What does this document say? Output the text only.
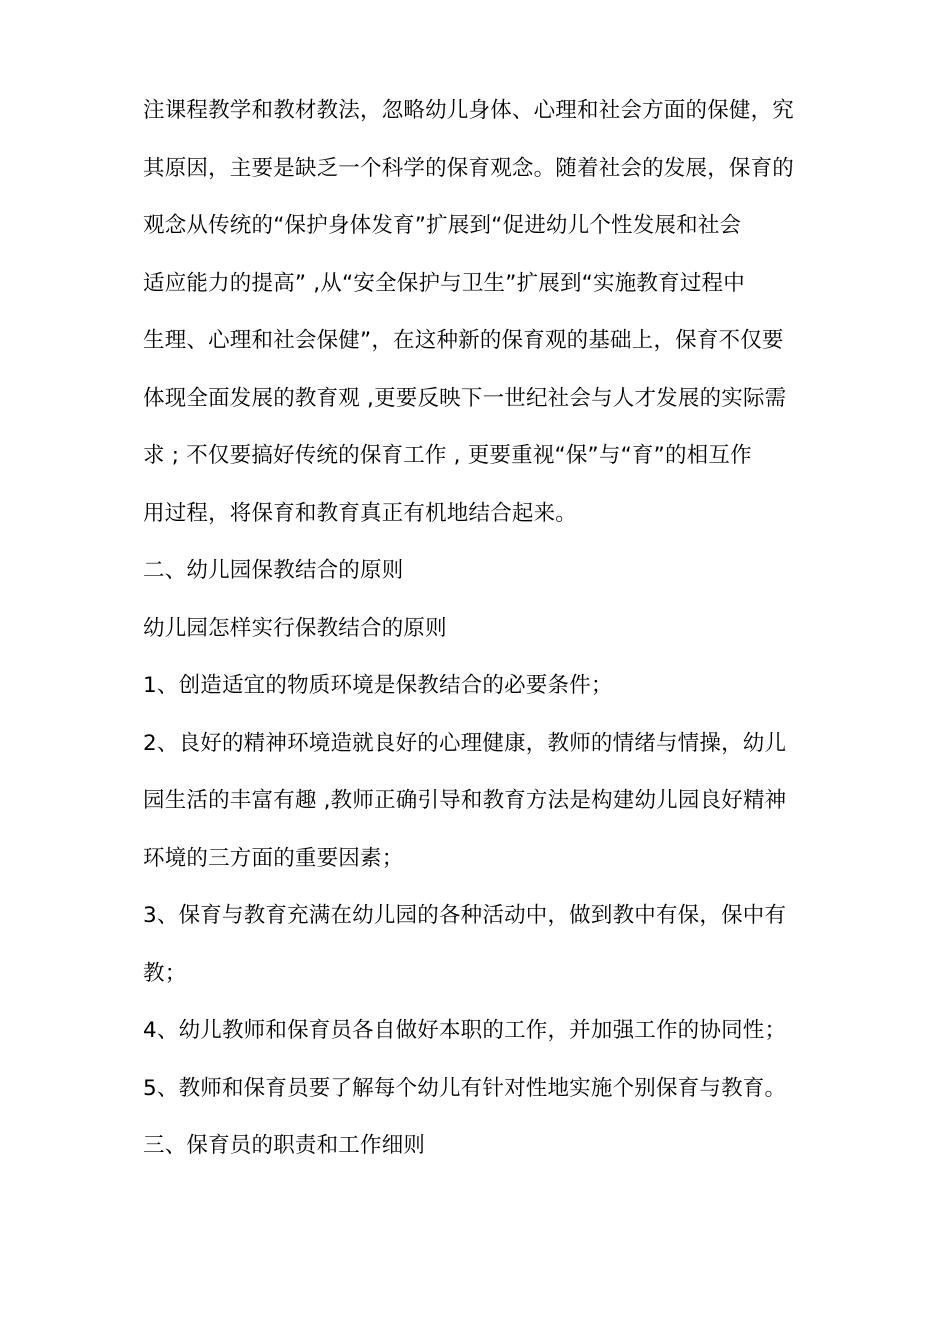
注课程教学和教材教法，忽略幼儿身体、心理和社会方面的保健，究

其原因，主要是缺乏一个科学的保育观念。随着社会的发展，保育的

观念从传统的“保护身体发育”扩展到“促进幼儿个性发展和社会

适应能力的提高” ,从“安全保护与卫生”扩展到“实施教育过程中

生理、心理和社会保健”，在这种新的保育观的基础上，保育不仅要

体现全面发展的教育观 ,更要反映下一世纪社会与人才发展的实际需

求 ; 不仅要搞好传统的保育工作 , 更要重视“保”与“育”的相互作

用过程，将保育和教育真正有机地结合起来。

二、幼儿园保教结合的原则

幼儿园怎样实行保教结合的原则

1、创造适宜的物质环境是保教结合的必要条件；

2、良好的精神环境造就良好的心理健康，教师的情绪与情操，幼儿

园生活的丰富有趣 ,教师正确引导和教育方法是构建幼儿园良好精神

环境的三方面的重要因素；

3、保育与教育充满在幼儿园的各种活动中，做到教中有保，保中有

教；

4、幼儿教师和保育员各自做好本职的工作，并加强工作的协同性；

5、教师和保育员要了解每个幼儿有针对性地实施个别保育与教育。

三、保育员的职责和工作细则
